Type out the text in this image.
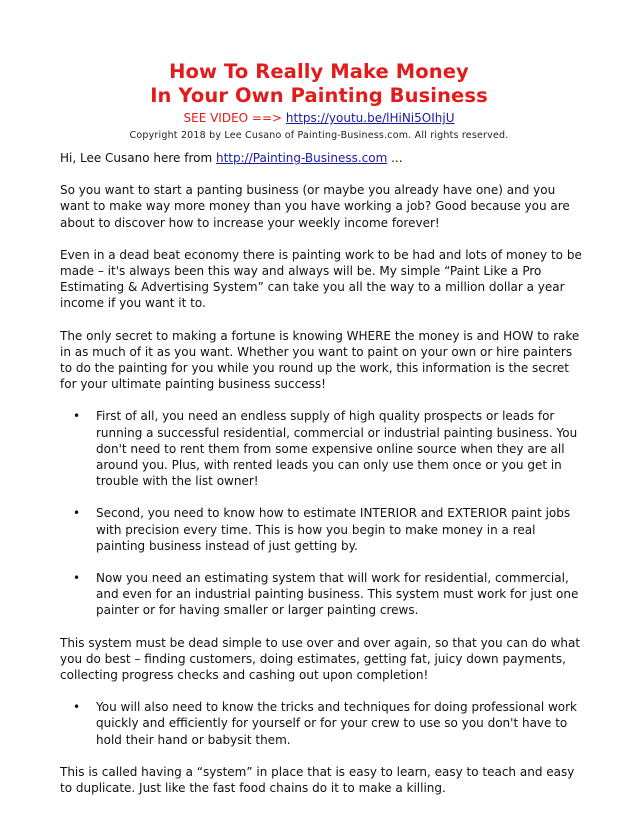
How To Really Make Money
In Your Own Painting Business
SEE VIDEO ==> https://youtu.be/lHiNi5OIhjU
Copyright 2018 by Lee Cusano of Painting-Business.com. All rights reserved.

Hi, Lee Cusano here from http://Painting-Business.com ...

So you want to start a panting business (or maybe you already have one) and you want to make way more money than you have working a job? Good because you are about to discover how to increase your weekly income forever!

Even in a dead beat economy there is painting work to be had and lots of money to be made – it's always been this way and always will be. My simple “Paint Like a Pro Estimating & Advertising System” can take you all the way to a million dollar a year income if you want it to.

The only secret to making a fortune is knowing WHERE the money is and HOW to rake in as much of it as you want. Whether you want to paint on your own or hire painters to do the painting for you while you round up the work, this information is the secret for your ultimate painting business success!

• First of all, you need an endless supply of high quality prospects or leads for running a successful residential, commercial or industrial painting business. You don't need to rent them from some expensive online source when they are all around you. Plus, with rented leads you can only use them once or you get in trouble with the list owner!
• Second, you need to know how to estimate INTERIOR and EXTERIOR paint jobs with precision every time. This is how you begin to make money in a real painting business instead of just getting by.
• Now you need an estimating system that will work for residential, commercial, and even for an industrial painting business. This system must work for just one painter or for having smaller or larger painting crews.

This system must be dead simple to use over and over again, so that you can do what you do best – finding customers, doing estimates, getting fat, juicy down payments, collecting progress checks and cashing out upon completion!

• You will also need to know the tricks and techniques for doing professional work quickly and efficiently for yourself or for your crew to use so you don't have to hold their hand or babysit them.

This is called having a “system” in place that is easy to learn, easy to teach and easy to duplicate. Just like the fast food chains do it to make a killing.
